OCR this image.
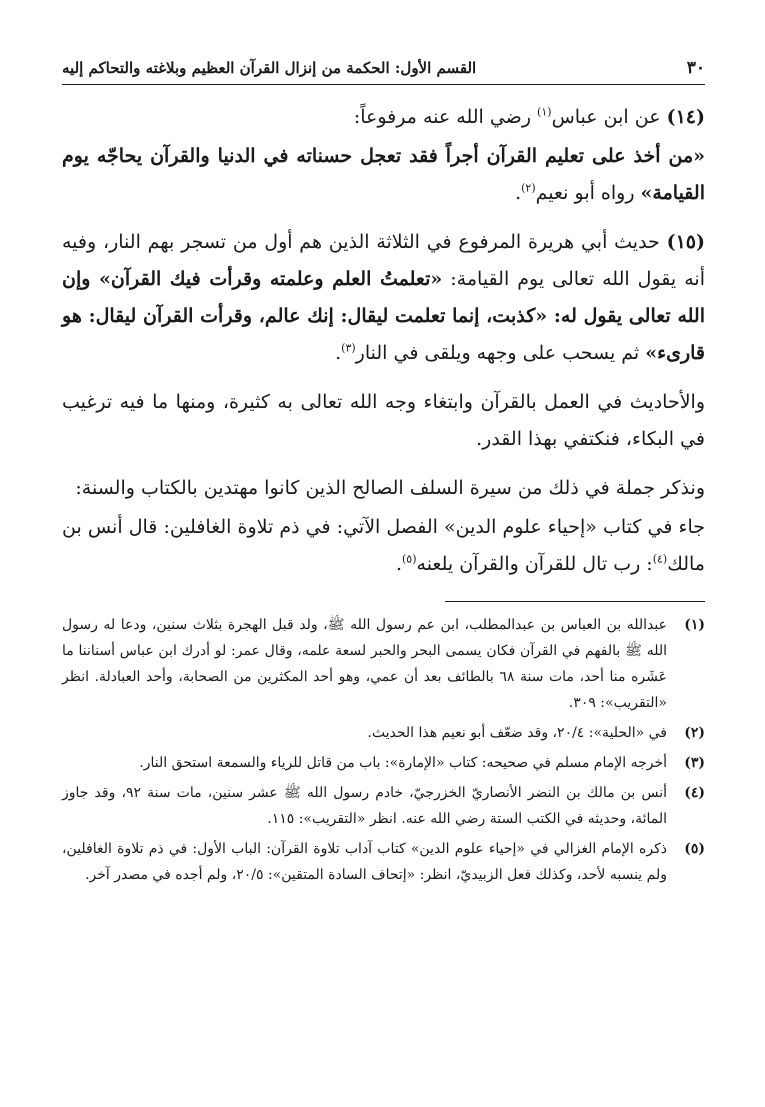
٣٠
القسم الأول: الحكمة من إنزال القرآن العظيم وبلاغته والتحاكم إليه

(١٤) عن ابن عباس$^{(١)}$ رضي الله عنه مرفوعاً:

«من أخذ على تعليم القرآن أجراً فقد تعجل حسناته في الدنيا والقرآن يحاجّه يوم القيامة» رواه أبو نعيم$^{(٢)}$.

(١٥) حديث أبي هريرة المرفوع في الثلاثة الذين هم أول من تسجر بهم النار، وفيه أنه يقول الله تعالى يوم القيامة: «تعلمتُ العلم وعلمته وقرأت فيك القرآن» وإن الله تعالى يقول له: «كذبت، إنما تعلمت ليقال: إنك عالم، وقرأت القرآن ليقال: هو قارىء» ثم يسحب على وجهه ويلقى في النار$^{(٣)}$.

والأحاديث في العمل بالقرآن وابتغاء وجه الله تعالى به كثيرة، ومنها ما فيه ترغيب في البكاء، فنكتفي بهذا القدر.

ونذكر جملة في ذلك من سيرة السلف الصالح الذين كانوا مهتدين بالكتاب والسنة:

جاء في كتاب «إحياء علوم الدين» الفصل الآتي: في ذم تلاوة الغافلين: قال أنس بن مالك$^{(٤)}$: رب تال للقرآن والقرآن يلعنه$^{(٥)}$.

(١)
عبدالله بن العباس بن عبدالمطلب، ابن عم رسول الله ﷺ، ولد قبل الهجرة بثلاث سنين، ودعا له رسول الله ﷺ بالفهم في القرآن فكان يسمى البحر والحبر لسعة علمه، وقال عمر: لو أدرك ابن عباس أسناننا ما عَشَره منا أحد، مات سنة ٦٨ بالطائف بعد أن عمي، وهو أحد المكثرين من الصحابة، وأحد العبادلة. انظر «التقريب»: ٣٠٩.
(٢)
في «الحلية»: ٢٠/٤، وقد ضعّف أبو نعيم هذا الحديث.
(٣)
أخرجه الإمام مسلم في صحيحه: كتاب «الإمارة»: باب من قاتل للرياء والسمعة استحق النار.
(٤)
أنس بن مالك بن النضر الأنصاريّ الخزرجيّ، خادم رسول الله ﷺ عشر سنين، مات سنة ٩٢، وقد جاوز المائة، وحديثه في الكتب الستة رضي الله عنه. انظر «التقريب»: ١١٥.
(٥)
ذكره الإمام الغزالي في «إحياء علوم الدين» كتاب آداب تلاوة القرآن: الباب الأول: في ذم تلاوة الغافلين، ولم ينسبه لأحد، وكذلك فعل الزبيديّ، انظر: «إتحاف السادة المتقين»: ٢٠/٥، ولم أجده في مصدر آخر.
